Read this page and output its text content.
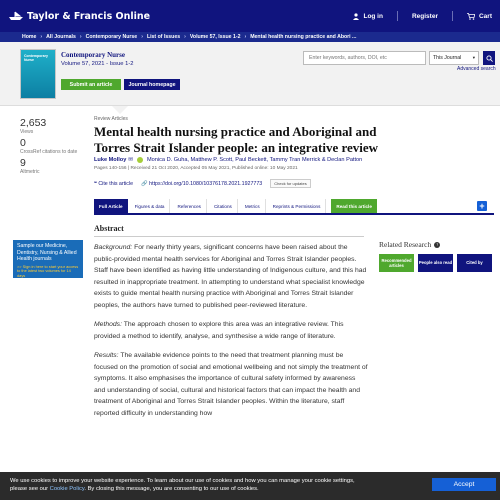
Taylor & Francis Online	Log in	Register	Cart
Home › All Journals › Contemporary Nurse › List of Issues › Volume 57, Issue 1-2 › Mental health nursing practice and Abori ...
Contemporary Nurse
Contemporary Nurse
Volume 57, 2021 - Issue 1-2
Submit an article	Journal homepage
Enter keywords, authors, DOI, etc
This Journal	▾
Advanced search
2,653
Views
0
CrossRef citations to date
9
Altmetric
Review Articles
Mental health nursing practice and Aboriginal and Torres Strait Islander people: an integrative review
Luke Molloy ✉	Monica D. Guha, Matthew P. Scott, Paul Beckett, Tammy Tran Merrick & Declan Patton
Pages 140-156 | Received 21 Oct 2020, Accepted 05 May 2021, Published online: 10 May 2021
❝ Cite this article 🔗 https://doi.org/10.1080/10376178.2021.1927773	Check for updates
Full Article	Figures & data	References	Citations	Metrics	Reprints & Permissions	Read this article	+
Abstract

Background: For nearly thirty years, significant concerns have been raised about the public-provided mental health services for Aboriginal and Torres Strait Islander peoples. Staff have been identified as having little understanding of Indigenous culture, and this had resulted in inappropriate treatment. In attempting to understand what specialist knowledge exists to guide mental health nursing practice with Aboriginal and Torres Strait Islander peoples, the authors have turned to published peer-reviewed literature.

Methods: The approach chosen to explore this area was an integrative review. This provided a method to identify, analyse, and synthesise a wide range of literature.

Results: The available evidence points to the need that treatment planning must be focused on the promotion of social and emotional wellbeing and not simply the treatment of symptoms. It also emphasises the importance of cultural safety informed by awareness and understanding of social, cultural and historical factors that can impact the health and treatment of Aboriginal and Torres Strait Islander peoples. Within the literature, staff reported difficulty in understanding how

Sample our Medicine, Dentistry, Nursing & Allied Health journals
>> Sign in here to start your access to the latest two volumes for 14 days
Related Research	?
Recommended articles
People also read	Cited by
We use cookies to improve your website experience. To learn about our use of cookies and how you can manage your cookie settings,
please see our Cookie Policy. By closing this message, you are consenting to our use of cookies.
Accept
